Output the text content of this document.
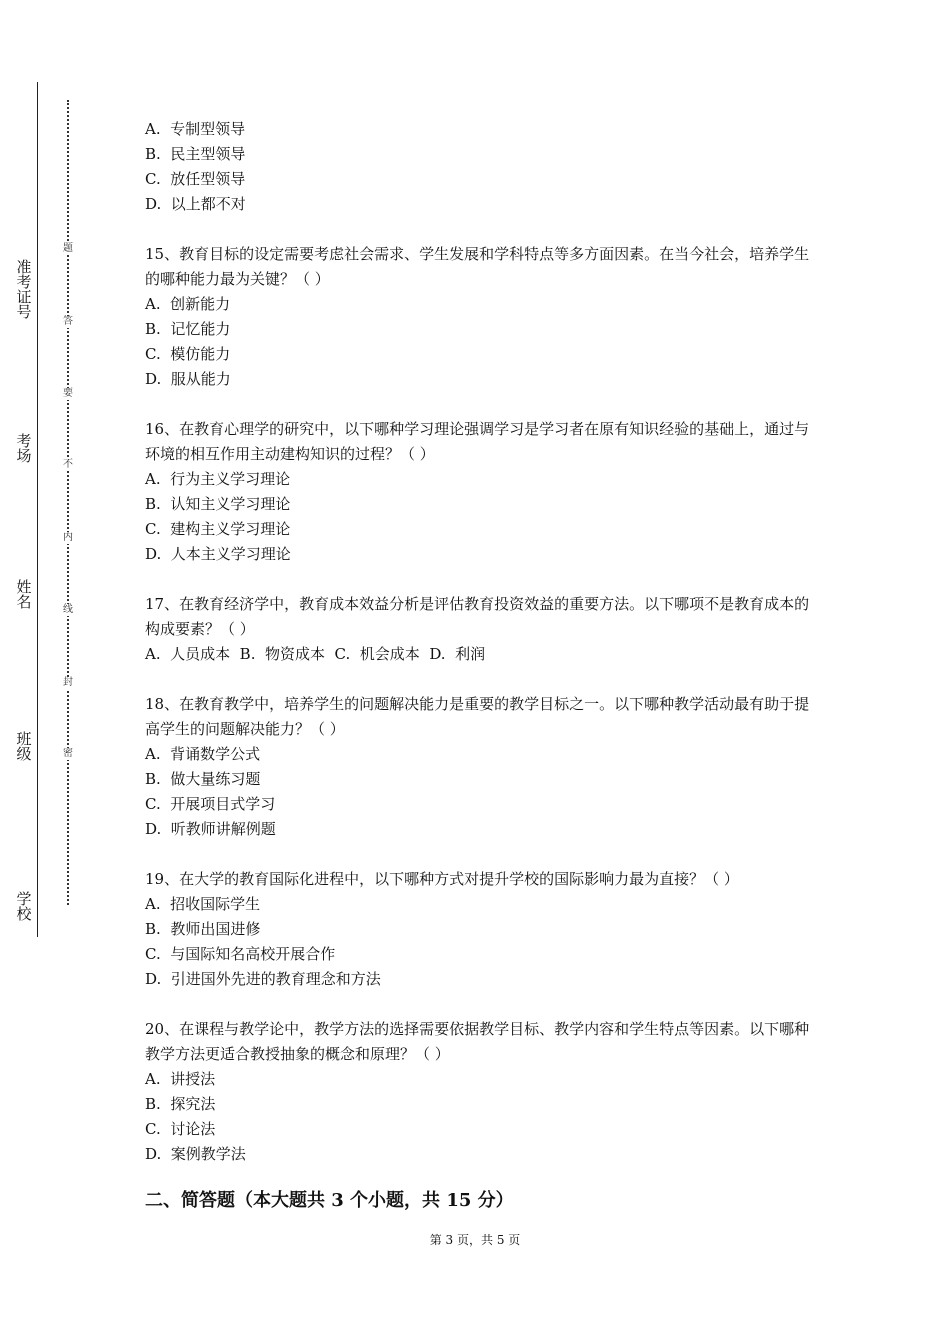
准考证号
考场
姓名
班级
学校
题
答
要
不
内
线
封
密

A.  专制型领导

B.  民主型领导

C.  放任型领导

D.  以上都不对

15、教育目标的设定需要考虑社会需求、学生发展和学科特点等多方面因素。在当今社会，培养学生的哪种能力最为关键？（ ）

A.  创新能力

B.  记忆能力

C.  模仿能力

D.  服从能力

16、在教育心理学的研究中，以下哪种学习理论强调学习是学习者在原有知识经验的基础上，通过与环境的相互作用主动建构知识的过程？（ ）

A.  行为主义学习理论

B.  认知主义学习理论

C.  建构主义学习理论

D.  人本主义学习理论

17、在教育经济学中，教育成本效益分析是评估教育投资效益的重要方法。以下哪项不是教育成本的构成要素？（ ）

A.  人员成本  B.  物资成本  C.  机会成本  D.  利润

18、在教育教学中，培养学生的问题解决能力是重要的教学目标之一。以下哪种教学活动最有助于提高学生的问题解决能力？（ ）

A.  背诵数学公式

B.  做大量练习题

C.  开展项目式学习

D.  听教师讲解例题

19、在大学的教育国际化进程中，以下哪种方式对提升学校的国际影响力最为直接？（ ）

A.  招收国际学生

B.  教师出国进修

C.  与国际知名高校开展合作

D.  引进国外先进的教育理念和方法

20、在课程与教学论中，教学方法的选择需要依据教学目标、教学内容和学生特点等因素。以下哪种教学方法更适合教授抽象的概念和原理？（ ）

A.  讲授法

B.  探究法

C.  讨论法

D.  案例教学法

二、简答题（本大题共 3 个小题，共 15 分）
第 3 页，共 5 页
